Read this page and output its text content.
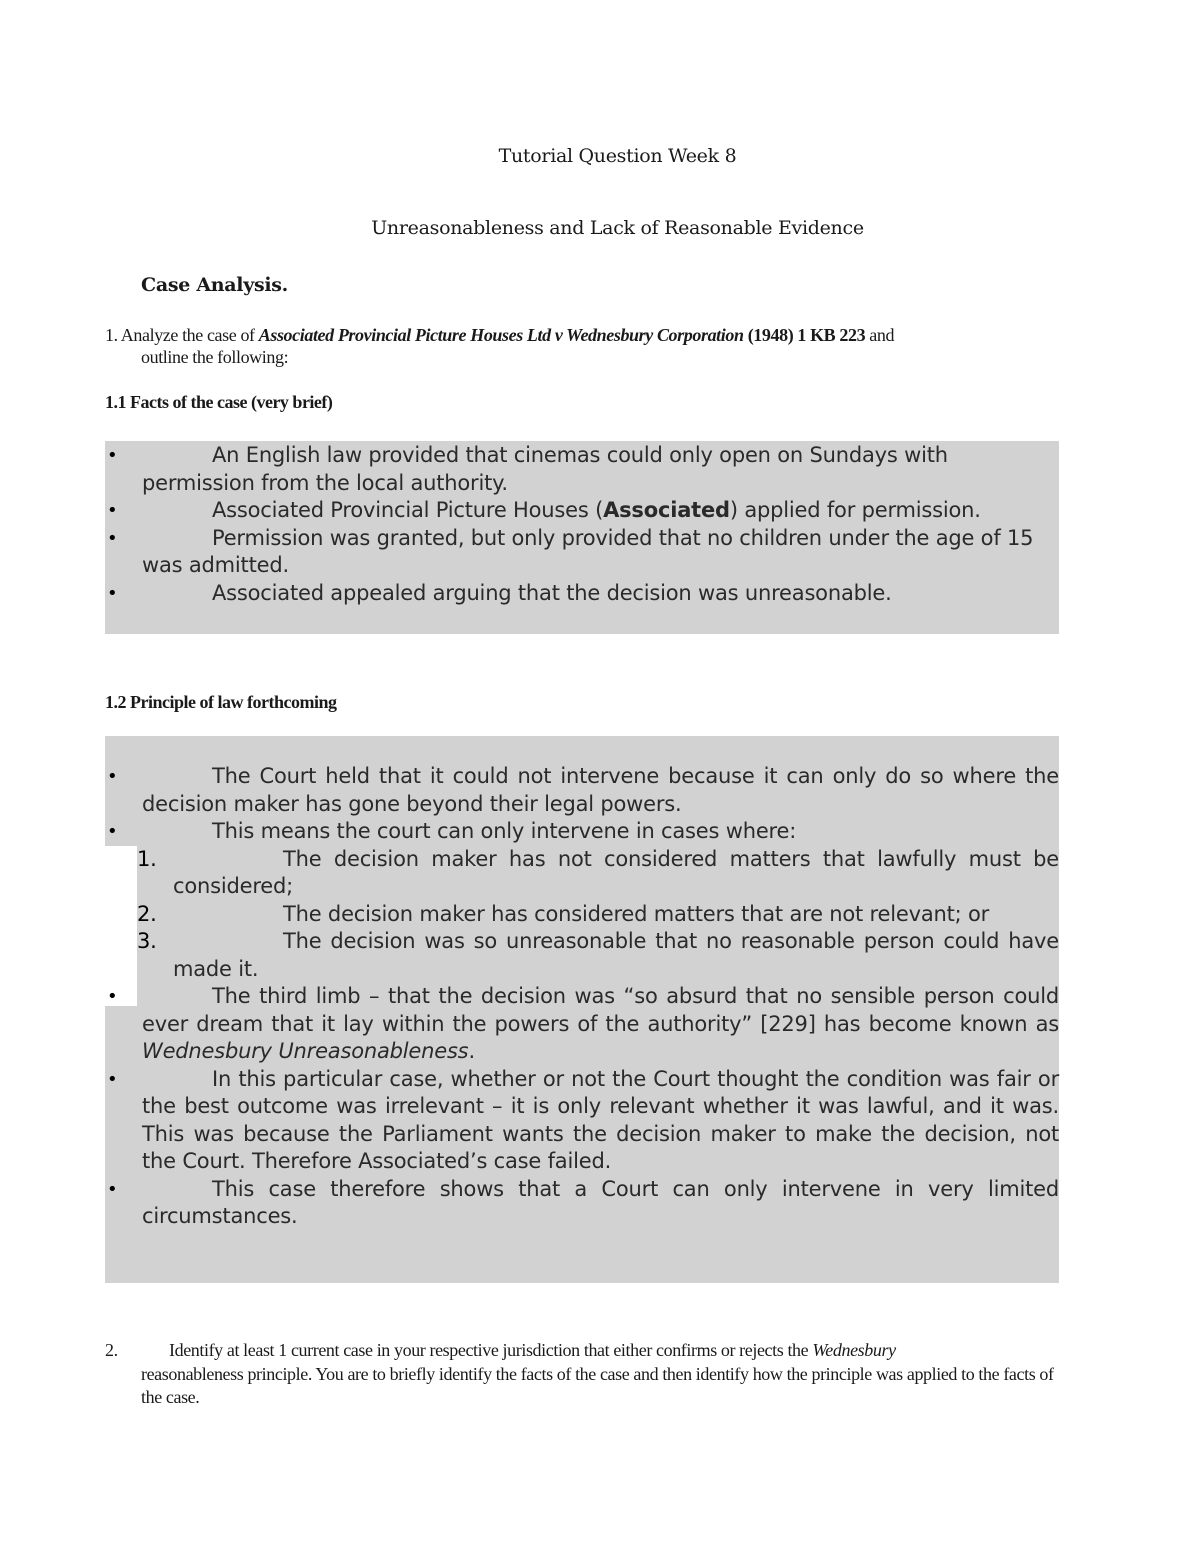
Tutorial Question Week 8
Unreasonableness and Lack of Reasonable Evidence
Case Analysis.
1. Analyze the case of Associated Provincial Picture Houses Ltd v Wednesbury Corporation (1948) 1 KB 223 and
outline the following:
1.1 Facts of the case (very brief)
•	An English law provided that cinemas could only open on Sundays with permission from the local authority.
•	Associated Provincial Picture Houses (Associated) applied for permission.
•	Permission was granted, but only provided that no children under the age of 15 was admitted.
•	Associated appealed arguing that the decision was unreasonable.
1.2 Principle of law forthcoming
•	The Court held that it could not intervene because it can only do so where the decision maker has gone beyond their legal powers.
•	This means the court can only intervene in cases where:
1.	The decision maker has not considered matters that lawfully must be considered;
2.	The decision maker has considered matters that are not relevant; or
3.	The decision was so unreasonable that no reasonable person could have made it.
•	The third limb – that the decision was “so absurd that no sensible person could ever dream that it lay within the powers of the authority” [229] has become known as Wednesbury Unreasonableness.
•	In this particular case, whether or not the Court thought the condition was fair or the best outcome was irrelevant – it is only relevant whether it was lawful, and it was. This was because the Parliament wants the decision maker to make the decision, not the Court. Therefore Associated’s case failed.
•	This case therefore shows that a Court can only intervene in very limited circumstances.
2.	Identify at least 1 current case in your respective jurisdiction that either confirms or rejects the Wednesbury
reasonableness principle. You are to briefly identify the facts of the case and then identify how the principle was applied to the facts of the case.
